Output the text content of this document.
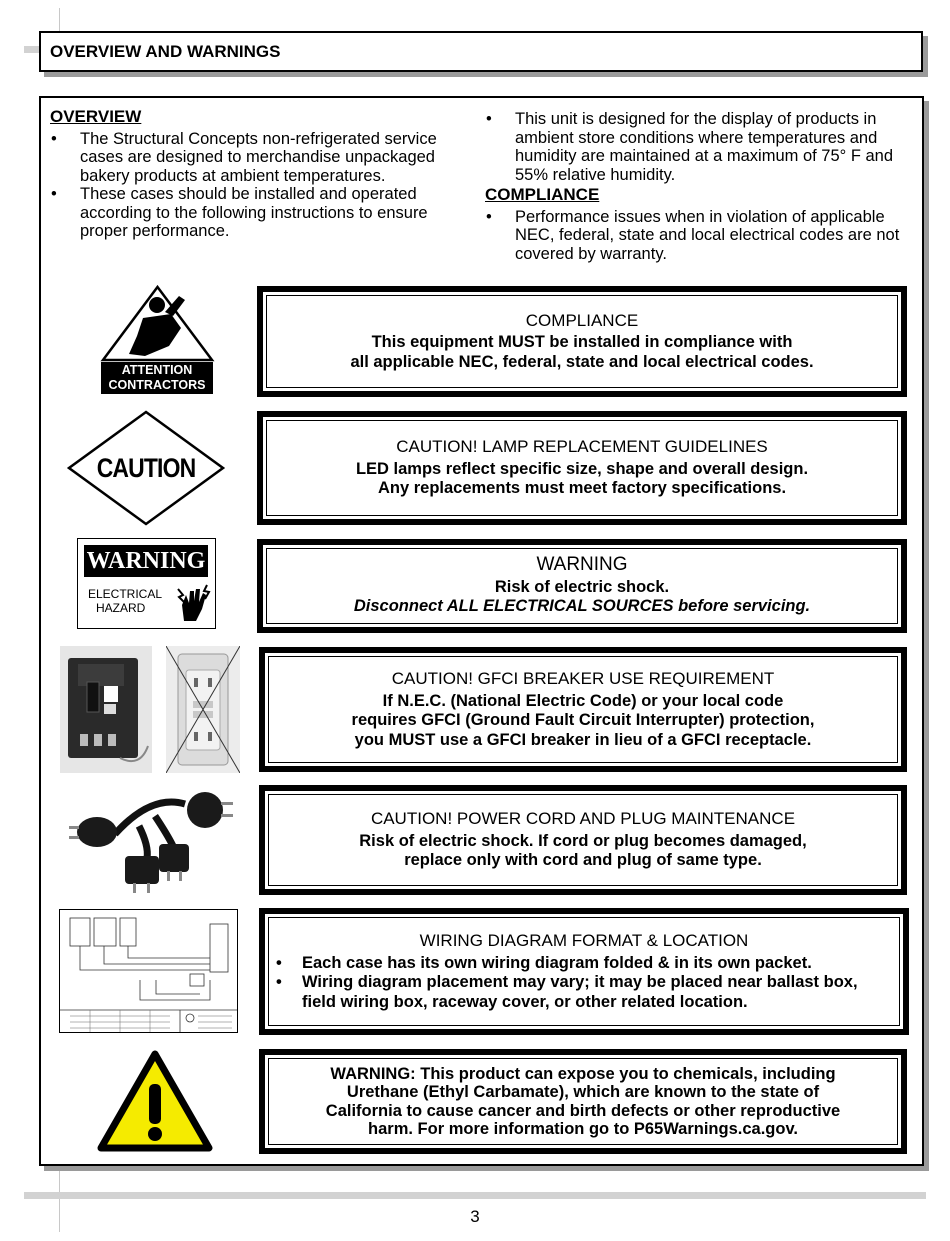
OVERVIEW AND WARNINGS
OVERVIEW
• The Structural Concepts non-refrigerated service cases are designed to merchandise unpackaged bakery products at ambient temperatures.
• These cases should be installed and operated according to the following instructions to ensure proper performance.
• This unit is designed for the display of products in ambient store conditions where temperatures and humidity are maintained at a maximum of 75° F and 55% relative humidity.
COMPLIANCE
• Performance issues when in violation of applicable NEC, federal, state and local electrical codes are not covered by warranty.
ATTENTION
CONTRACTORS
CAUTION
WARNING
ELECTRICAL
HAZARD
COMPLIANCE
This equipment MUST be installed in compliance with
all applicable NEC, federal, state and local electrical codes.
CAUTION! LAMP REPLACEMENT GUIDELINES
LED lamps reflect specific size, shape and overall design.
Any replacements must meet factory specifications.
WARNING
Risk of electric shock.
Disconnect ALL ELECTRICAL SOURCES before servicing.
CAUTION! GFCI BREAKER USE REQUIREMENT
If N.E.C. (National Electric Code) or your local code
requires GFCI (Ground Fault Circuit Interrupter) protection,
you MUST use a GFCI breaker in lieu of a GFCI receptacle.
CAUTION! POWER CORD AND PLUG MAINTENANCE
Risk of electric shock. If cord or plug becomes damaged,
replace only with cord and plug of same type.
WIRING DIAGRAM FORMAT & LOCATION
• Each case has its own wiring diagram folded & in its own packet.
• Wiring diagram placement may vary; it may be placed near ballast box, field wiring box, raceway cover, or other related location.
WARNING: This product can expose you to chemicals, including
Urethane (Ethyl Carbamate), which are known to the state of
California to cause cancer and birth defects or other reproductive
harm. For more information go to P65Warnings.ca.gov.
3
